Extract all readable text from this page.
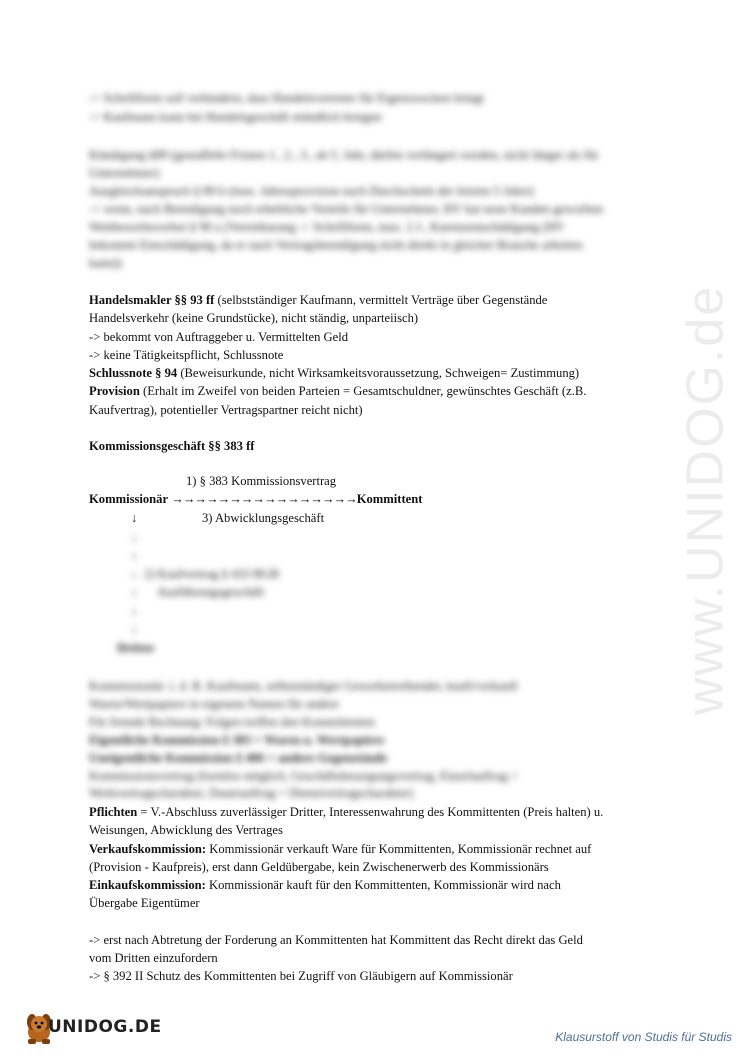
www.UNIDOG.de
-> Schriftform soll verhindern, dass Handelsvertreter für Eigenzwecken bringt
-> Kaufmann kann bei Handelsgeschäft mündlich bringen
Kündigung §89 (gestaffelte Fristen 1., 2., 3., ab 5. Jahr, dürfen verlängert werden, nicht länger als für
Unternehmer)
Ausgleichsanspruch § 89 b (max. Jahresprovision nach Durchschnitt der letzten 5 Jahre)
-> wenn, nach Beendigung noch erhebliche Vorteile für Unternehmer, HV hat neue Kunden geworben
Wettbewerbsverbot § 90 a (Vereinbarung -> Schriftform, max. 2 J., Karenzentschädigung (HV
bekommt Entschädigung, da er nach Vertragsbeendigung nicht direkt in gleicher Branche arbeiten
kann))

Handelsmakler §§ 93 ff (selbstständiger Kaufmann, vermittelt Verträge über Gegenstände

Handelsverkehr (keine Grundstücke), nicht ständig, unparteiisch)

-> bekommt von Auftraggeber u. Vermittelten Geld

-> keine Tätigkeitspflicht, Schlussnote

Schlussnote § 94 (Beweisurkunde, nicht Wirksamkeitsvoraussetzung, Schweigen= Zustimmung)

Provision (Erhalt im Zweifel von beiden Parteien = Gesamtschuldner, gewünschtes Geschäft (z.B.

Kaufvertrag), potentieller Vertragspartner reicht nicht)

Kommissionsgeschäft §§ 383 ff
1) § 383 Kommissionsvertrag
Kommissionär →→→→→→→→→→→→→→→→Kommittent
↓	3) Abwicklungsgeschäft
↓
↓
↓ 2) Kaufvertrag § 433 BGB
↓ Ausführungsgeschäft
↓
↓
Dritter
Kommissionär: i. d. R. Kaufmann, selbstständiger Gewerbetreibender, kauft/verkauft
Waren/Wertpapiere in eigenem Namen für andere
Für fremde Rechnung: Folgen treffen den Kommittenten
Eigentliche Kommission § 383 = Waren u. Wertpapiere
Uneigentliche Kommission § 406 = andere Gegenstände
Kommissionsvertrag (formlos möglich, Geschäftsbesorgungsvertrag, Einzelauftrag =
Werkvertragscharakter, Dauerauftrag = Dienstvertragscharakter)

Pflichten = V.-Abschluss zuverlässiger Dritter, Interessenwahrung des Kommittenten (Preis halten) u.

Weisungen, Abwicklung des Vertrages

Verkaufskommission: Kommissionär verkauft Ware für Kommittenten, Kommissionär rechnet auf

(Provision - Kaufpreis), erst dann Geldübergabe, kein Zwischenerwerb des Kommissionärs

Einkaufskommission: Kommissionär kauft für den Kommittenten, Kommissionär wird nach

Übergabe Eigentümer

-> erst nach Abtretung der Forderung an Kommittenten hat Kommittent das Recht direkt das Geld

vom Dritten einzufordern

-> § 392 II Schutz des Kommittenten bei Zugriff von Gläubigern auf Kommissionär

UNIDOG.DE	Klausurstoff von Studis für Studis
